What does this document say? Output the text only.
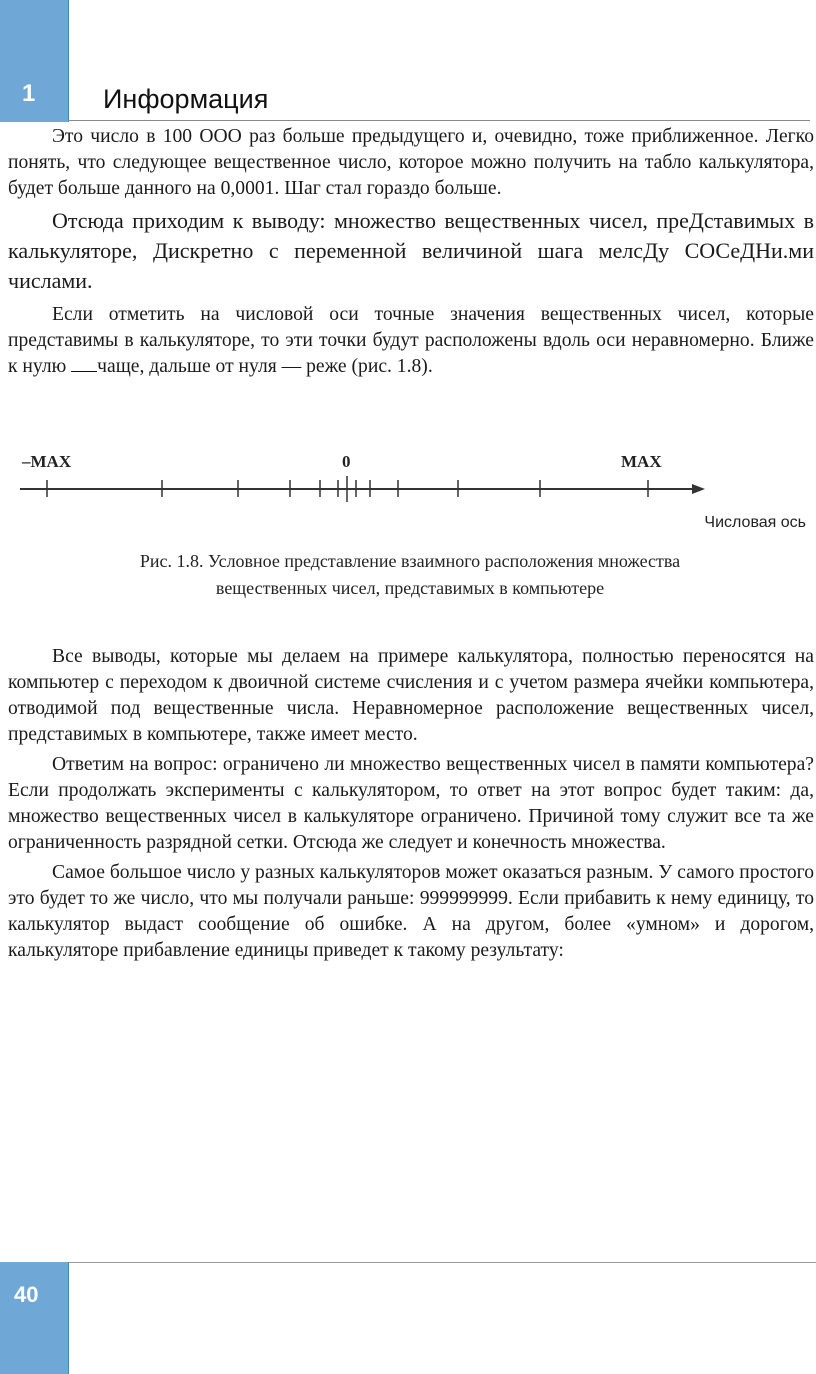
1	Информация

Это число в 100 ООО раз больше предыдущего и, очевидно, тоже приближенное. Легко понять, что следующее вещественное число, которое можно получить на табло калькулятора, будет больше данного на 0,0001. Шаг стал гораздо больше.

Отсюда приходим к выводу: множество вещественных чисел, преДставимых в калькуляторе, Дискретно с переменной величиной шага мелсДу СОСеДНи.ми числами.

Если отметить на числовой оси точные значения вещественных чисел, которые представимы в калькуляторе, то эти точки будут расположены вдоль оси неравномерно. Ближе к нулю чаще, дальше от нуля — реже (рис. 1.8).

–MAX	0	MAX
Числовая ось
Рис. 1.8. Условное представление взаимного расположения множества
вещественных чисел, представимых в компьютере

Все выводы, которые мы делаем на примере калькулятора, полностью переносятся на компьютер с переходом к двоичной системе счисления и с учетом размера ячейки компьютера, отводимой под вещественные числа. Неравномерное расположение вещественных чисел, представимых в компьютере, также имеет место.

Ответим на вопрос: ограничено ли множество вещественных чисел в памяти компьютера? Если продолжать эксперименты с калькулятором, то ответ на этот вопрос будет таким: да, множество вещественных чисел в калькуляторе ограничено. Причиной тому служит все та же ограниченность разрядной сетки. Отсюда же следует и конечность множества.

Самое большое число у разных калькуляторов может оказаться разным. У самого простого это будет то же число, что мы получали раньше: 999999999. Если прибавить к нему единицу, то калькулятор выдаст сообщение об ошибке. А на другом, более «умном» и дорогом, калькуляторе прибавление единицы приведет к такому результату:

40
